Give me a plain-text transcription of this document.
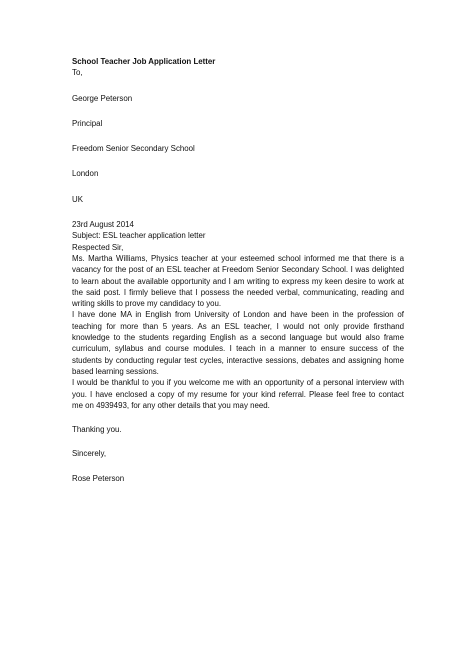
School Teacher Job Application Letter

To,

George Peterson

Principal

Freedom Senior Secondary School

London

UK

23rd August 2014

Subject: ESL teacher application letter

Respected Sir,

Ms. Martha Williams, Physics teacher at your esteemed school informed me that there is a
vacancy for the post of an ESL teacher at Freedom Senior Secondary School. I was delighted
to learn about the available opportunity and I am writing to express my keen desire to work at
the said post. I firmly believe that I possess the needed verbal, communicating, reading and
writing skills to prove my candidacy to you.
I have done MA in English from University of London and have been in the profession of
teaching for more than 5 years. As an ESL teacher, I would not only provide firsthand
knowledge to the students regarding English as a second language but would also frame
curriculum, syllabus and course modules. I teach in a manner to ensure success of the
students by conducting regular test cycles, interactive sessions, debates and assigning home
based learning sessions.
I would be thankful to you if you welcome me with an opportunity of a personal interview with
you. I have enclosed a copy of my resume for your kind referral. Please feel free to contact
me on 4939493, for any other details that you may need.

Thanking you.

Sincerely,

Rose Peterson
